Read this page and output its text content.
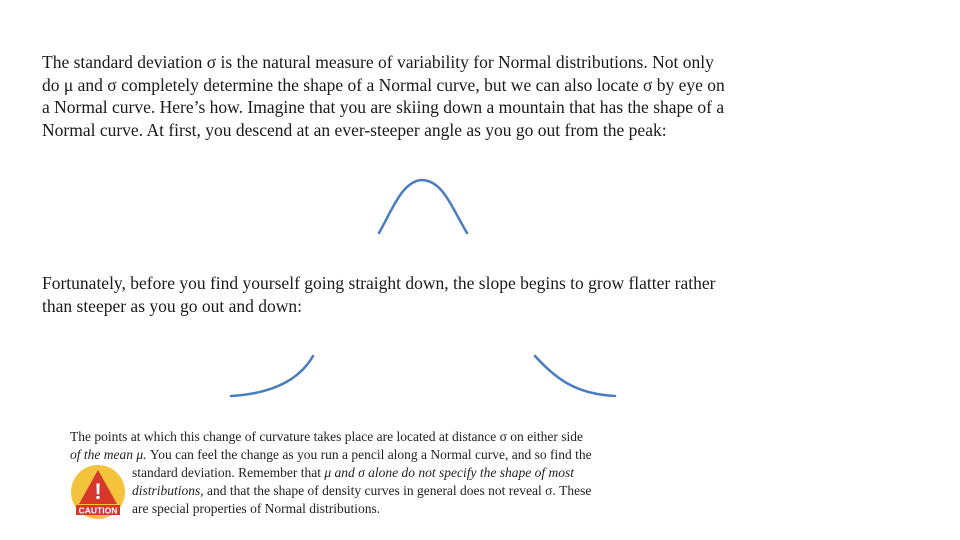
The standard deviation σ is the natural measure of variability for Normal distributions. Not only
do μ and σ completely determine the shape of a Normal curve, but we can also locate σ by eye on
a Normal curve. Here’s how. Imagine that you are skiing down a mountain that has the shape of a
Normal curve. At first, you descend at an ever-steeper angle as you go out from the peak:
Fortunately, before you find yourself going straight down, the slope begins to grow flatter rather
than steeper as you go out and down:
The points at which this change of curvature takes place are located at distance σ on either side
of the mean μ. You can feel the change as you run a pencil along a Normal curve, and so find the
standard deviation. Remember that μ and σ alone do not specify the shape of most
distributions, and that the shape of density curves in general does not reveal σ. These
are special properties of Normal distributions.
!
CAUTION
